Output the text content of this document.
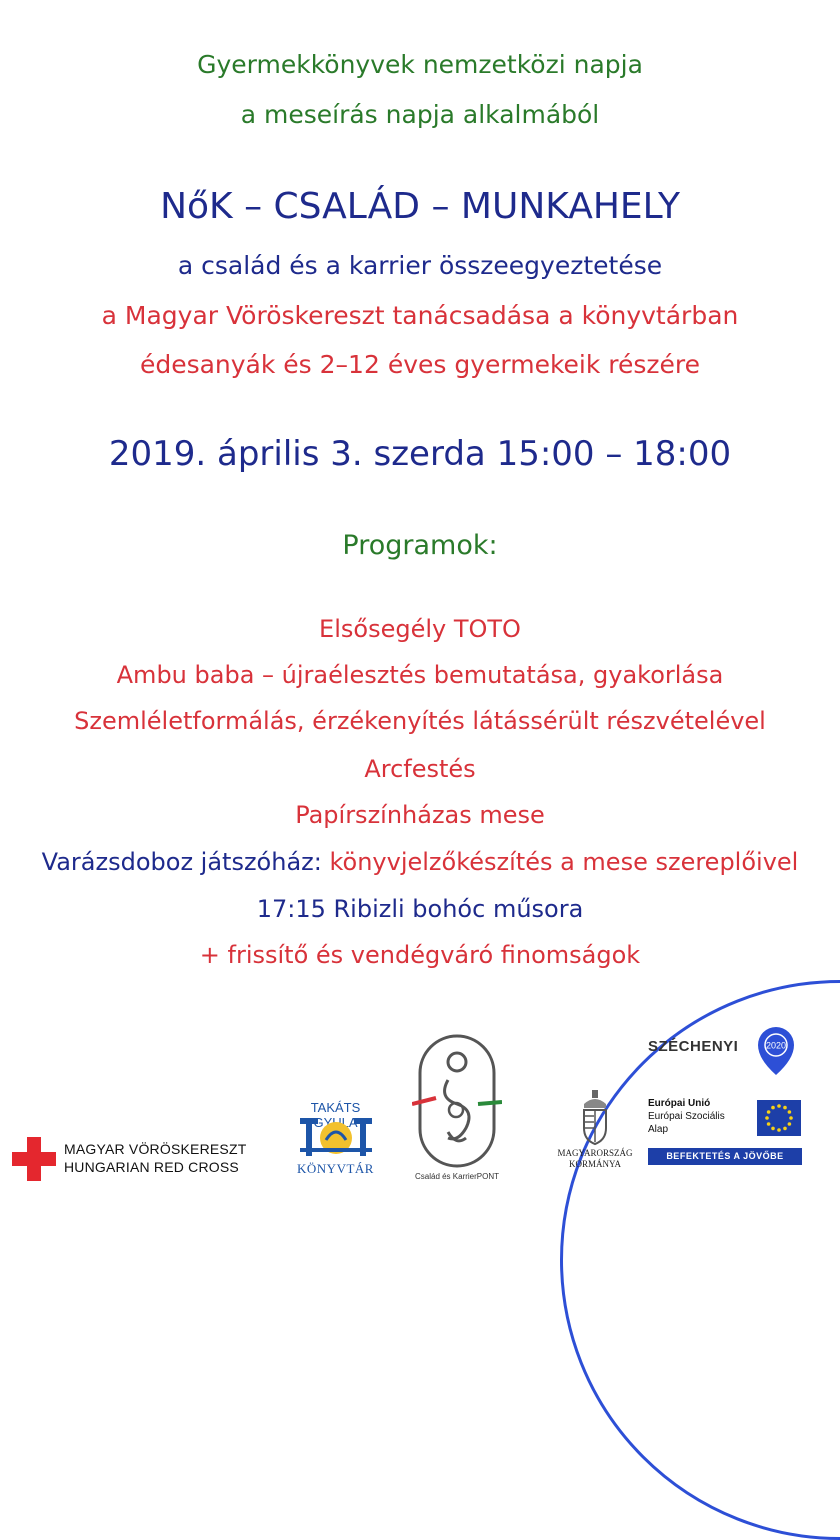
Gyermekkönyvek nemzetközi napja
a meseírás napja alkalmából
NőK – CSALÁD – MUNKAHELY
a család és a karrier összeegyeztetése
a Magyar Vöröskereszt tanácsadása a könyvtárban
édesanyák és 2–12 éves gyermekeik részére
2019. április 3. szerda 15:00 – 18:00
Programok:
Elsősegély TOTO
Ambu baba – újraélesztés bemutatása, gyakorlása
Szemléletformálás, érzékenyítés látássérült részvételével
Arcfestés
Papírszínházas mese
Varázsdoboz játszóház: könyvjelzőkészítés a mese szereplőivel
17:15 Ribizli bohóc műsora
+ frissítő és vendégváró finomságok
MAGYAR VÖRÖSKERESZT
HUNGARIAN RED CROSS
TAKÁTS
KÖNYVTÁR
Család és KarrierPONT
MAGYARORSZÁG
KORMÁNYA
Európai Unió
Európai Szociális
Alap
BEFEKTETÉS A JÖVŐBE
SZÉCHENYI	2020
